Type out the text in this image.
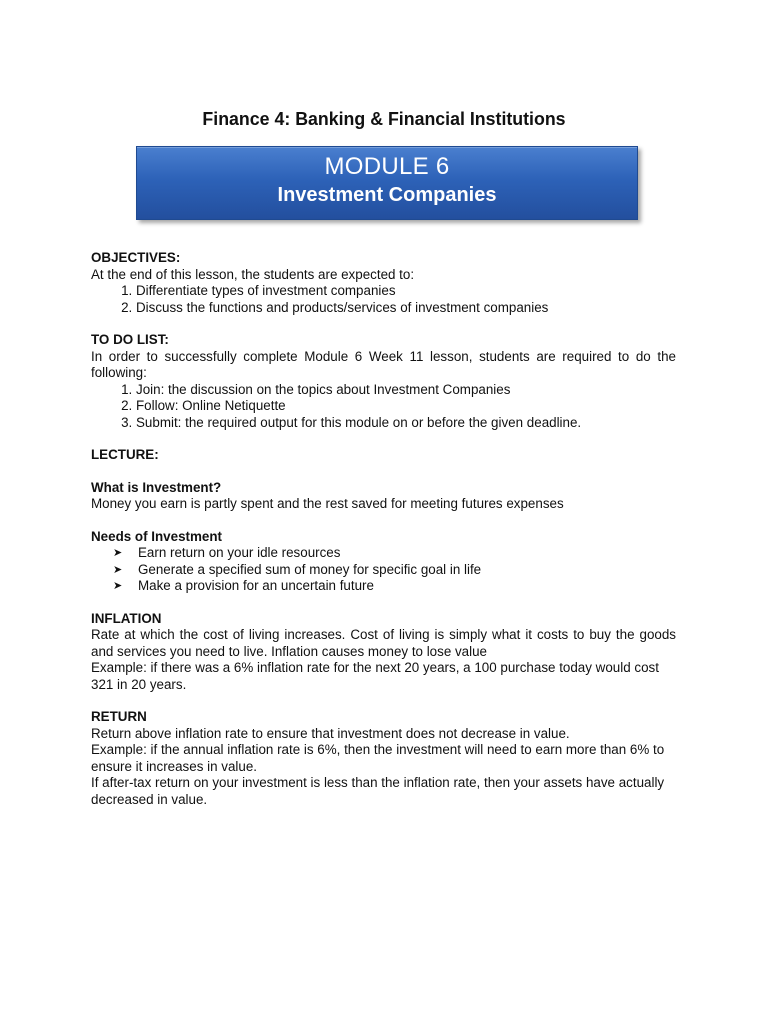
Finance 4: Banking & Financial Institutions
MODULE 6
Investment Companies

OBJECTIVES:

At the end of this lesson, the students are expected to:

1. Differentiate types of investment companies
2. Discuss the functions and products/services of investment companies

TO DO LIST:

In order to successfully complete Module 6 Week 11 lesson, students are required to do the following:

1. Join: the discussion on the topics about Investment Companies
2. Follow: Online Netiquette
3. Submit: the required output for this module on or before the given deadline.

LECTURE:

What is Investment?

Money you earn is partly spent and the rest saved for meeting futures expenses

Needs of Investment

➤ Earn return on your idle resources
➤ Generate a specified sum of money for specific goal in life
➤ Make a provision for an uncertain future

INFLATION

Rate at which the cost of living increases. Cost of living is simply what it costs to buy the goods and services you need to live. Inflation causes money to lose value

Example: if there was a 6% inflation rate for the next 20 years, a 100 purchase today would cost 321 in 20 years.

RETURN

Return above inflation rate to ensure that investment does not decrease in value.

Example: if the annual inflation rate is 6%, then the investment will need to earn more than 6% to ensure it increases in value.

If after-tax return on your investment is less than the inflation rate, then your assets have actually decreased in value.
